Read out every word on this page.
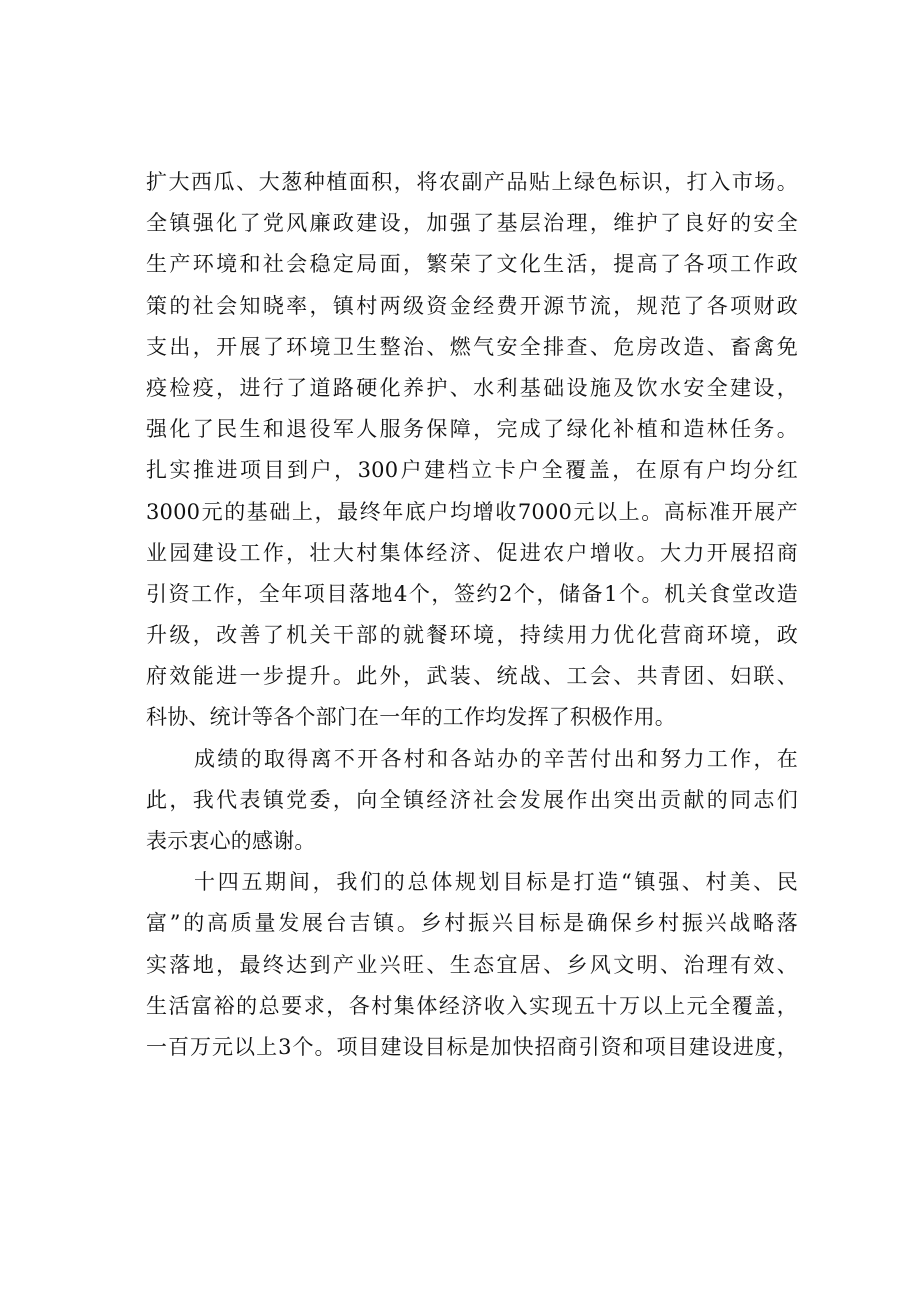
扩大西瓜、大葱种植面积，将农副产品贴上绿色标识，打入市场。
全镇强化了党风廉政建设，加强了基层治理，维护了良好的安全
生产环境和社会稳定局面，繁荣了文化生活，提高了各项工作政
策的社会知晓率，镇村两级资金经费开源节流，规范了各项财政
支出，开展了环境卫生整治、燃气安全排查、危房改造、畜禽免
疫检疫，进行了道路硬化养护、水利基础设施及饮水安全建设，
强化了民生和退役军人服务保障，完成了绿化补植和造林任务。
扎实推进项目到户，300户建档立卡户全覆盖，在原有户均分红
3000元的基础上，最终年底户均增收7000元以上。高标准开展产
业园建设工作，壮大村集体经济、促进农户增收。大力开展招商
引资工作，全年项目落地4个，签约2个，储备1个。机关食堂改造
升级，改善了机关干部的就餐环境，持续用力优化营商环境，政
府效能进一步提升。此外，武装、统战、工会、共青团、妇联、
科协、统计等各个部门在一年的工作均发挥了积极作用。
成绩的取得离不开各村和各站办的辛苦付出和努力工作，在
此，我代表镇党委，向全镇经济社会发展作出突出贡献的同志们
表示衷心的感谢。
十四五期间，我们的总体规划目标是打造“镇强、村美、民
富”的高质量发展台吉镇。乡村振兴目标是确保乡村振兴战略落
实落地，最终达到产业兴旺、生态宜居、乡风文明、治理有效、
生活富裕的总要求，各村集体经济收入实现五十万以上元全覆盖，
一百万元以上3个。项目建设目标是加快招商引资和项目建设进度，
